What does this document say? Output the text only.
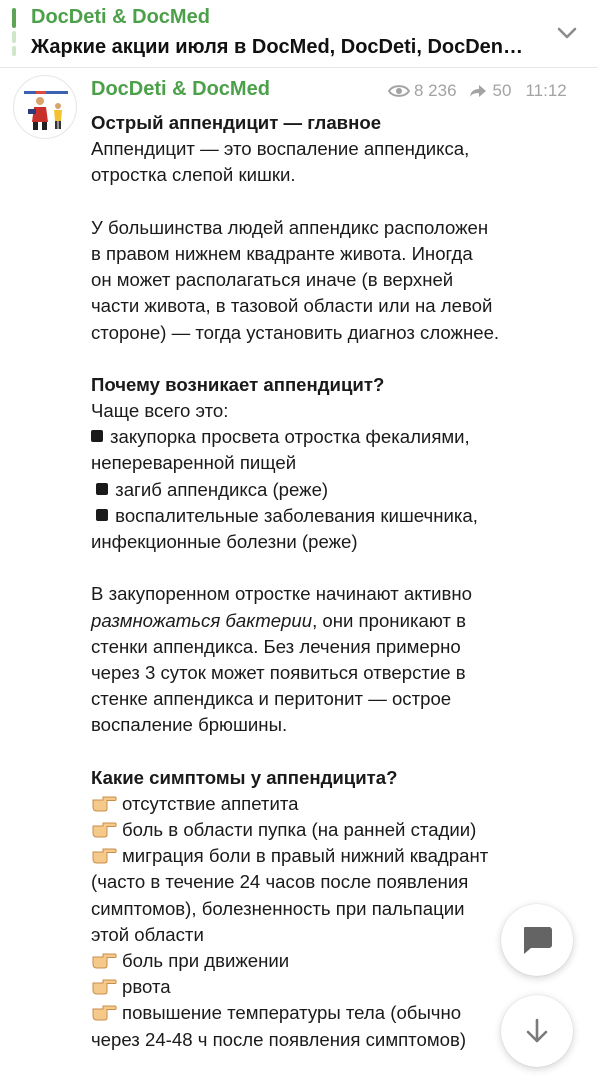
DocDeti & DocMed
Жаркие акции июля в DocMed, DocDeti, DocDen…
DocDeti & DocMed	8 236 50 11:12
Острый аппендицит — главное
Аппендицит — это воспаление аппендикса,
отростка слепой кишки.
У большинства людей аппендикс расположен
в правом нижнем квадранте живота. Иногда
он может располагаться иначе (в верхней
части живота, в тазовой области или на левой
стороне) — тогда установить диагноз сложнее.
Почему возникает аппендицит?
Чаще всего это:
закупорка просвета отростка фекалиями,
непереваренной пищей
загиб аппендикса (реже)
воспалительные заболевания кишечника,
инфекционные болезни (реже)
В закупоренном отростке начинают активно
размножаться бактерии, они проникают в
стенки аппендикса. Без лечения примерно
через 3 суток может появиться отверстие в
стенке аппендикса и перитонит — острое
воспаление брюшины.
Какие симптомы у аппендицита?
отсутствие аппетита
боль в области пупка (на ранней стадии)
миграция боли в правый нижний квадрант
(часто в течение 24 часов после появления
симптомов), болезненность при пальпации
этой области
боль при движении
рвота
повышение температуры тела (обычно
через 24-48 ч после появления симптомов)
